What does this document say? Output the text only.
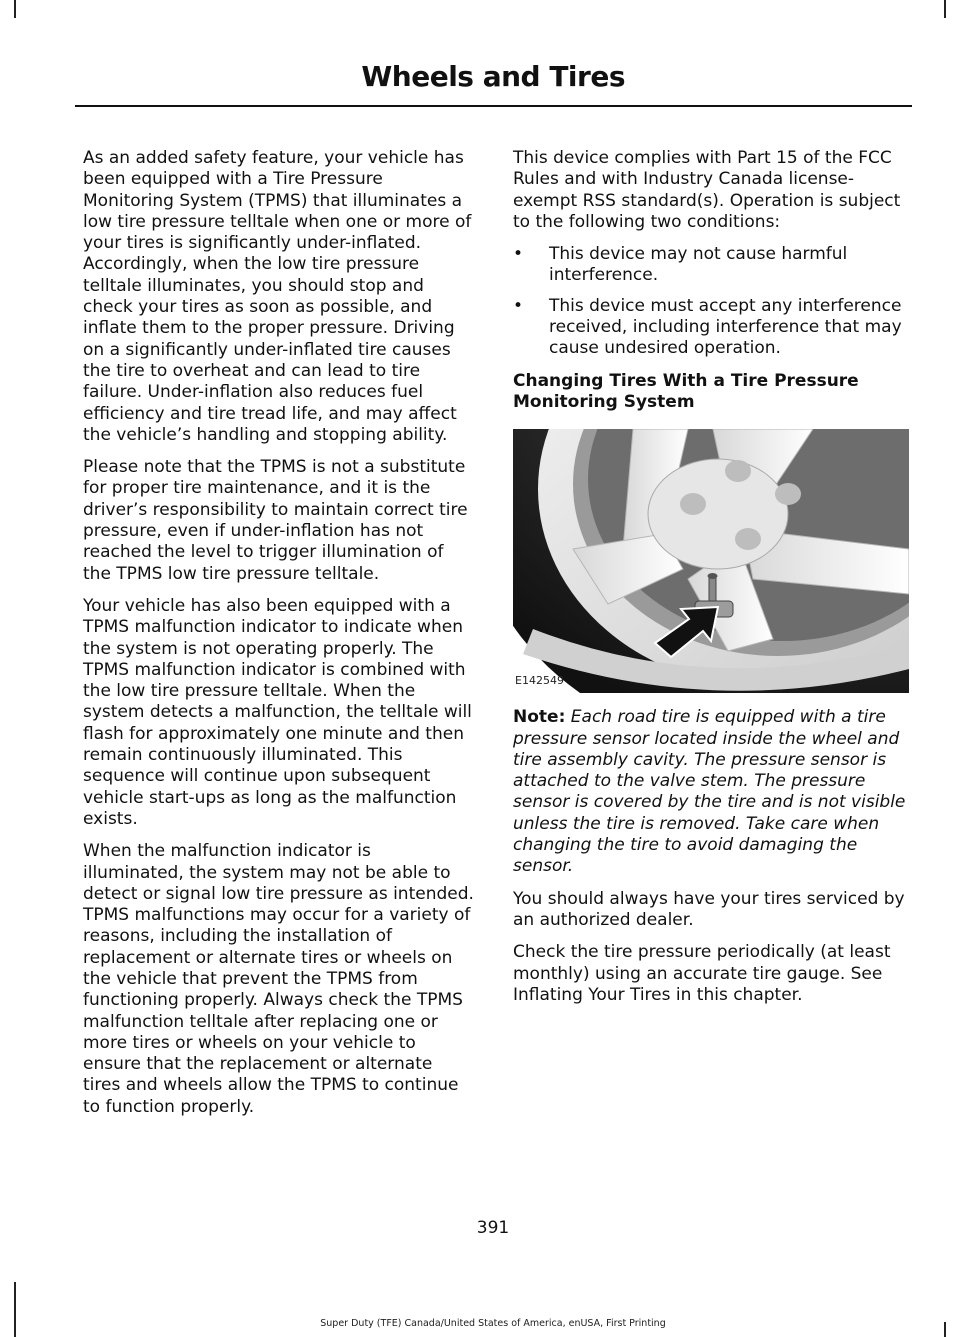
Wheels and Tires

As an added safety feature, your vehicle has been equipped with a Tire Pressure Monitoring System (TPMS) that illuminates a low tire pressure telltale when one or more of your tires is significantly under-inflated. Accordingly, when the low tire pressure telltale illuminates, you should stop and check your tires as soon as possible, and inflate them to the proper pressure. Driving on a significantly under-inflated tire causes the tire to overheat and can lead to tire failure. Under-inflation also reduces fuel efficiency and tire tread life, and may affect the vehicle’s handling and stopping ability.

Please note that the TPMS is not a substitute for proper tire maintenance, and it is the driver’s responsibility to maintain correct tire pressure, even if under-inflation has not reached the level to trigger illumination of the TPMS low tire pressure telltale.

Your vehicle has also been equipped with a TPMS malfunction indicator to indicate when the system is not operating properly. The TPMS malfunction indicator is combined with the low tire pressure telltale. When the system detects a malfunction, the telltale will flash for approximately one minute and then remain continuously illuminated. This sequence will continue upon subsequent vehicle start-ups as long as the malfunction exists.

When the malfunction indicator is illuminated, the system may not be able to detect or signal low tire pressure as intended. TPMS malfunctions may occur for a variety of reasons, including the installation of replacement or alternate tires or wheels on the vehicle that prevent the TPMS from functioning properly. Always check the TPMS malfunction telltale after replacing one or more tires or wheels on your vehicle to ensure that the replacement or alternate tires and wheels allow the TPMS to continue to function properly.

This device complies with Part 15 of the FCC Rules and with Industry Canada license-exempt RSS standard(s). Operation is subject to the following two conditions:

• This device may not cause harmful interference.
• This device must accept any interference received, including interference that may cause undesired operation.
Changing Tires With a Tire Pressure Monitoring System
E142549

Note: Each road tire is equipped with a tire pressure sensor located inside the wheel and tire assembly cavity. The pressure sensor is attached to the valve stem. The pressure sensor is covered by the tire and is not visible unless the tire is removed. Take care when changing the tire to avoid damaging the sensor.

You should always have your tires serviced by an authorized dealer.

Check the tire pressure periodically (at least monthly) using an accurate tire gauge. See Inflating Your Tires in this chapter.

391
Super Duty (TFE) Canada/United States of America, enUSA, First Printing
